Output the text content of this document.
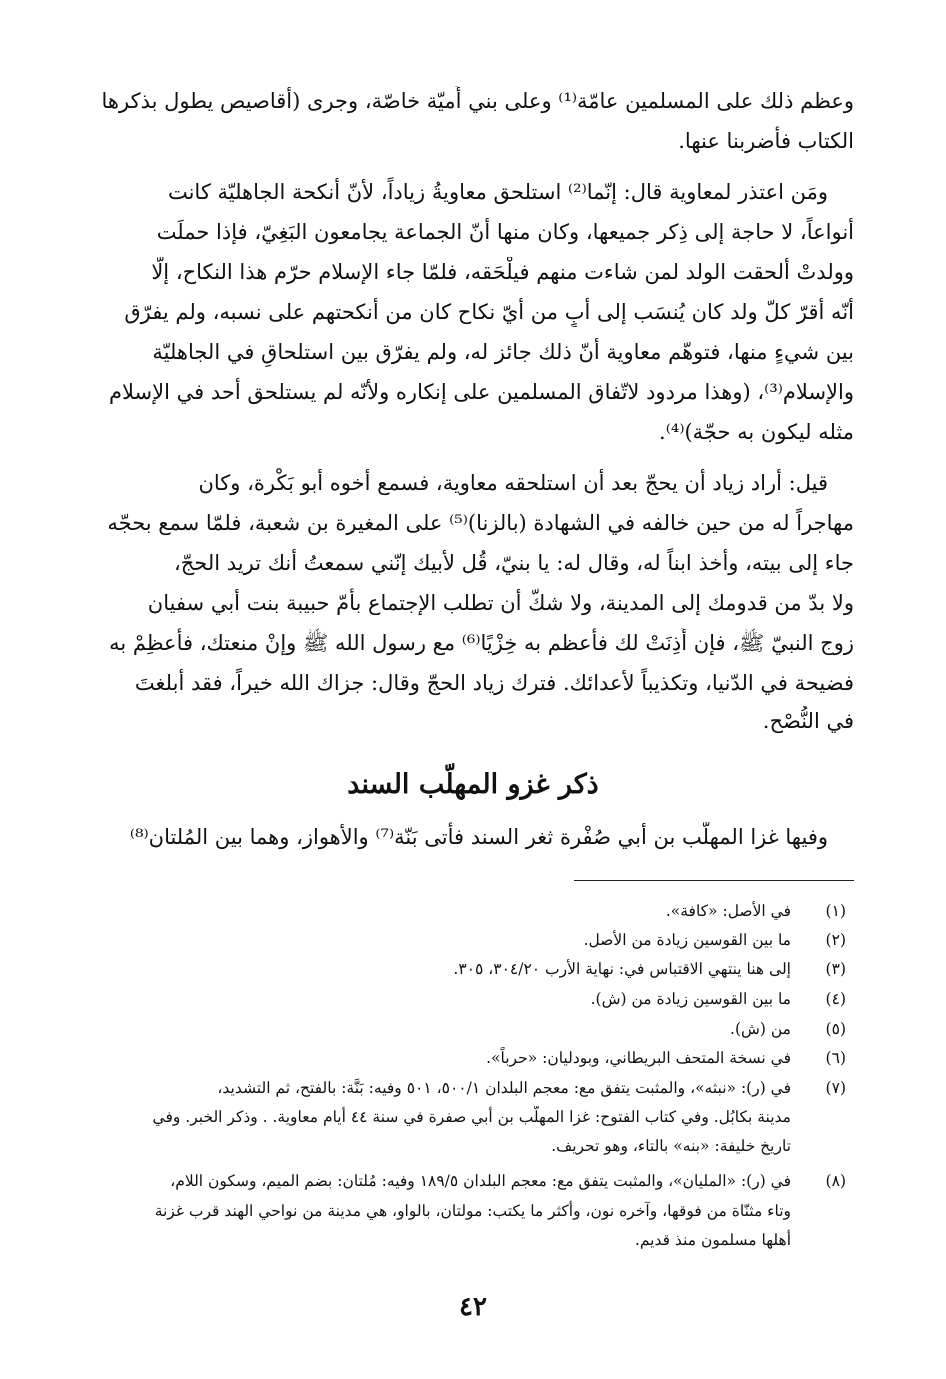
وعظم ذلك على المسلمين عامّة⁽¹⁾ وعلى بني أُميّة خاصّة، وجرى (أقاصيص يطول بذكرها
الكتاب فأضربنا عنها.
ومَن اعتذر لمعاوية قال: إنّما⁽²⁾ استلحق معاويةُ زياداً، لأنّ أنكحة الجاهليّة كانت
أنواعاً، لا حاجة إلى ذِكر جميعها، وكان منها أنّ الجماعة يجامعون البَغِيّ، فإذا حملَت
وولدتْ ألحقت الولد لمن شاءت منهم فيلْحَقه، فلمّا جاء الإسلام حرّم هذا النكاح، إلّا
أنّه أقرّ كلّ ولد كان يُنسَب إلى أبٍ من أيّ نكاح كان من أنكحتهم على نسبه، ولم يفرّق
بين شيءٍ منها، فتوهّم معاوية أنّ ذلك جائز له، ولم يفرّق بين استلحاقٍ في الجاهليّة
والإسلام⁽³⁾، (وهذا مردود لاتّفاق المسلمين على إنكاره ولأنّه لم يستلحق أحد في الإسلام
مثله ليكون به حجّة)⁽⁴⁾.
قيل: أراد زياد أن يحجّ بعد أن استلحقه معاوية، فسمع أخوه أبو بَكْرة، وكان
مهاجراً له من حين خالفه في الشهادة (بالزنا)⁽⁵⁾ على المغيرة بن شعبة، فلمّا سمع بحجّه
جاء إلى بيته، وأخذ ابناً له، وقال له: يا بنيّ، قُل لأبيك إنّني سمعتُ أنك تريد الحجّ،
ولا بدّ من قدومك إلى المدينة، ولا شكّ أن تطلب الإجتماع بأمّ حبيبة بنت أبي سفيان
زوج النبيّ ﷺ، فإن أَذِنَتْ لك فأعظم به خِزْيًا⁽⁶⁾ مع رسول الله ﷺ وإنْ منعتك، فأعظِمْ به
فضيحة في الدّنيا، وتكذيباً لأعدائك. فترك زياد الحجّ وقال: جزاك الله خيراً، فقد أبلغتَ
في النُّصْح.
ذكر غزو المهلّب السند
وفيها غزا المهلّب بن أبي صُفْرة ثغر السند فأتى بَنّة⁽⁷⁾ والأهواز، وهما بين المُلتان⁽⁸⁾
(١)في الأصل: «كافة».
(٢)ما بين القوسين زيادة من الأصل.
(٣)إلى هنا ينتهي الاقتباس في: نهاية الأرب ٣٠٤/٢٠، ٣٠٥.
(٤)ما بين القوسين زيادة من (ش).
(٥)من (ش).
(٦)في نسخة المتحف البريطاني، وبودليان: «حرباً».
(٧)في (ر): «نبثه»، والمثبت يتفق مع: معجم البلدان ٥٠٠/١، ٥٠١ وفيه: بَنَّة: بالفتح، ثم التشديد،
مدينة بكابُل. وفي كتاب الفتوح: غزا المهلّب بن أبي صفرة في سنة ٤٤ أيام معاوية. . وذكر الخبر. وفي
تاريخ خليفة: «بنه» بالتاء، وهو تحريف.
(٨)في (ر): «المليان»، والمثبت يتفق مع: معجم البلدان ١٨٩/٥ وفيه: مُلتان: بضم الميم، وسكون اللام،
وتاء مثنّاة من فوقها، وآخره نون، وأكثر ما يكتب: مولتان، بالواو، هي مدينة من نواحي الهند قرب غزنة
أهلها مسلمون منذ قديم.
٤٢
